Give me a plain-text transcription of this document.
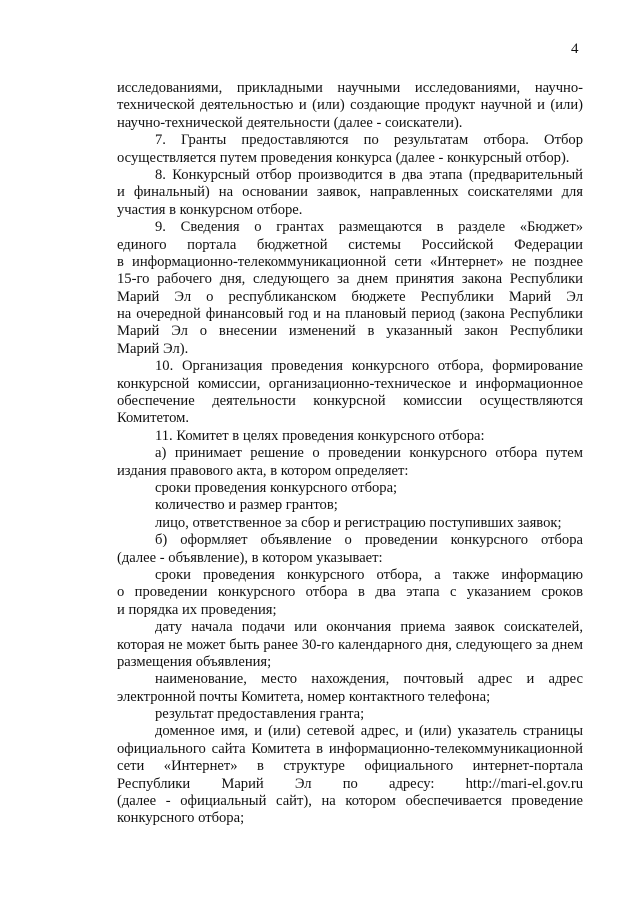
4
исследованиями, прикладными научными исследованиями, научно-
технической деятельностью и (или) создающие продукт научной и (или)
научно-технической деятельности (далее - соискатели).
7. Гранты предоставляются по результатам отбора. Отбор
осуществляется путем проведения конкурса (далее - конкурсный отбор).
8. Конкурсный отбор производится в два этапа (предварительный
и финальный) на основании заявок, направленных соискателями для
участия в конкурсном отборе.
9. Сведения о грантах размещаются в разделе «Бюджет»
единого портала бюджетной системы Российской Федерации
в информационно-телекоммуникационной сети «Интернет» не позднее
15-го рабочего дня, следующего за днем принятия закона Республики
Марий Эл о республиканском бюджете Республики Марий Эл
на очередной финансовый год и на плановый период (закона Республики
Марий Эл о внесении изменений в указанный закон Республики
Марий Эл).
10. Организация проведения конкурсного отбора, формирование
конкурсной комиссии, организационно-техническое и информационное
обеспечение деятельности конкурсной комиссии осуществляются
Комитетом.
11. Комитет в целях проведения конкурсного отбора:
а) принимает решение о проведении конкурсного отбора путем
издания правового акта, в котором определяет:
сроки проведения конкурсного отбора;
количество и размер грантов;
лицо, ответственное за сбор и регистрацию поступивших заявок;
б) оформляет объявление о проведении конкурсного отбора
(далее - объявление), в котором указывает:
сроки проведения конкурсного отбора, а также информацию
о проведении конкурсного отбора в два этапа с указанием сроков
и порядка их проведения;
дату начала подачи или окончания приема заявок соискателей,
которая не может быть ранее 30-го календарного дня, следующего за днем
размещения объявления;
наименование, место нахождения, почтовый адрес и адрес
электронной почты Комитета, номер контактного телефона;
результат предоставления гранта;
доменное имя, и (или) сетевой адрес, и (или) указатель страницы
официального сайта Комитета в информационно-телекоммуникационной
сети «Интернет» в структуре официального интернет-портала
Республики Марий Эл по адресу: http://mari-el.gov.ru
(далее - официальный сайт), на котором обеспечивается проведение
конкурсного отбора;
